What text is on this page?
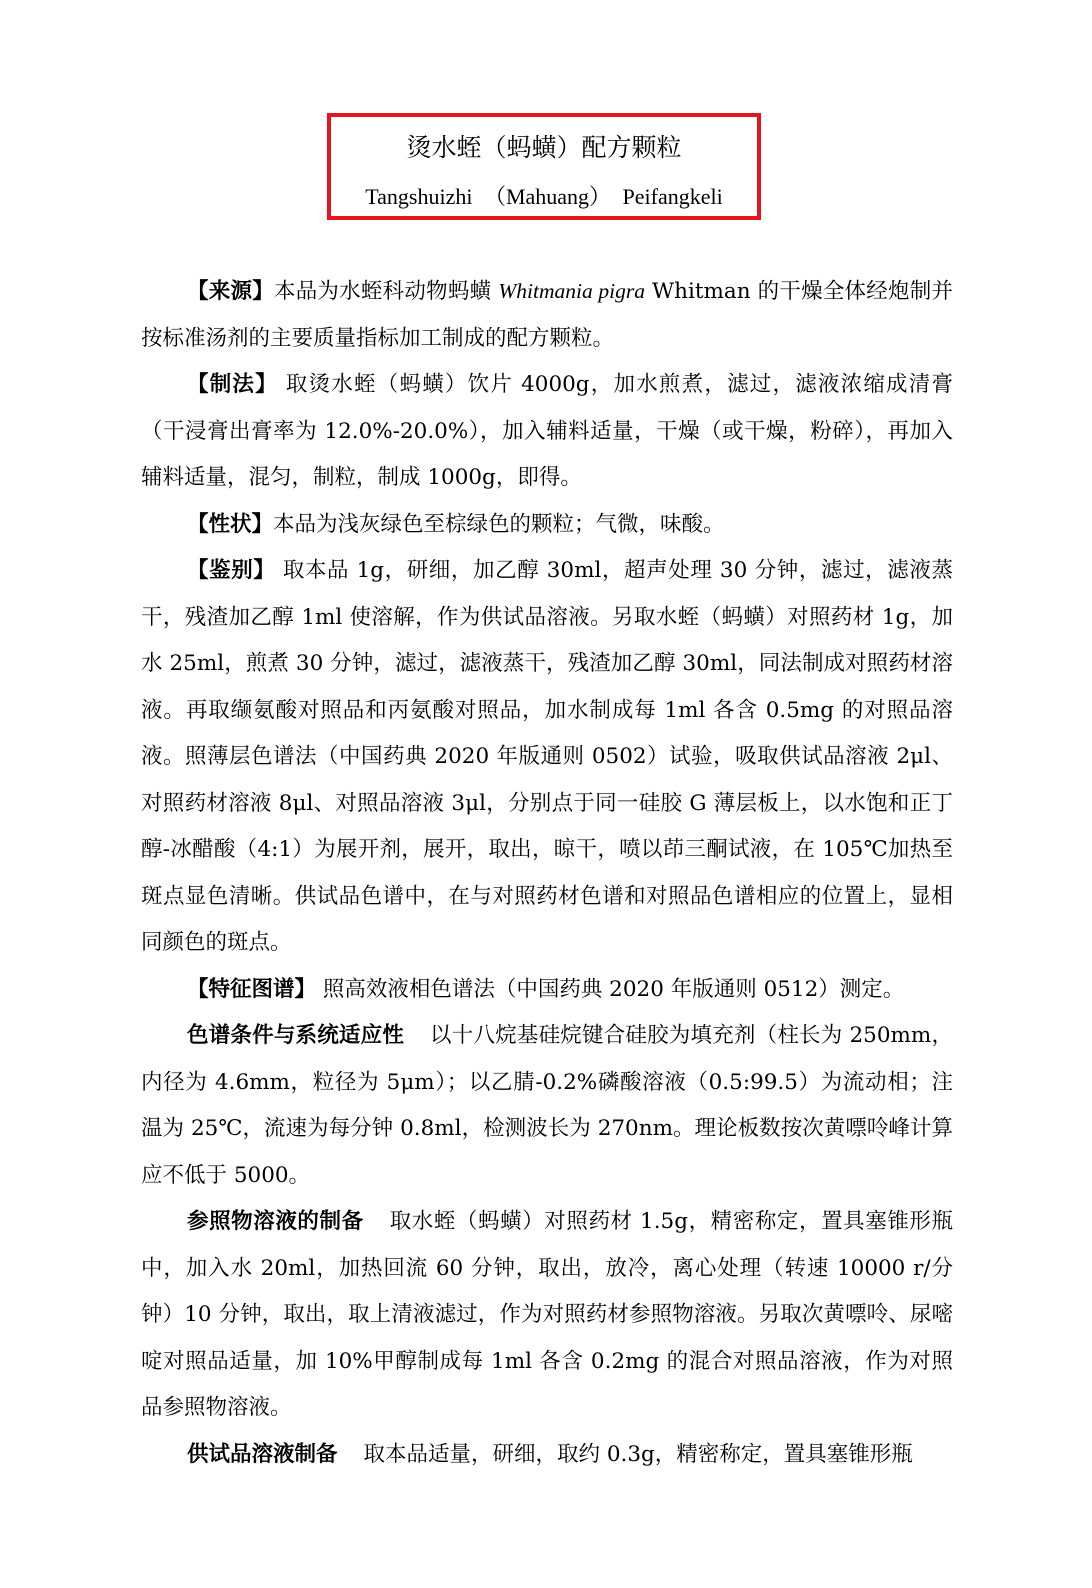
烫水蛭（蚂蟥）配方颗粒
Tangshuizhi （Mahuang） Peifangkeli

【来源】本品为水蛭科动物蚂蟥 Whitmania pigra Whitman 的干燥全体经炮制并按标准汤剂的主要质量指标加工制成的配方颗粒。

【制法】 取烫水蛭（蚂蟥）饮片 4000g，加水煎煮，滤过，滤液浓缩成清膏（干浸膏出膏率为 12.0%-20.0%），加入辅料适量，干燥（或干燥，粉碎），再加入辅料适量，混匀，制粒，制成 1000g，即得。

【性状】本品为浅灰绿色至棕绿色的颗粒；气微，味酸。

【鉴别】 取本品 1g，研细，加乙醇 30ml，超声处理 30 分钟，滤过，滤液蒸干，残渣加乙醇 1ml 使溶解，作为供试品溶液。另取水蛭（蚂蟥）对照药材 1g，加水 25ml，煎煮 30 分钟，滤过，滤液蒸干，残渣加乙醇 30ml，同法制成对照药材溶液。再取缬氨酸对照品和丙氨酸对照品，加水制成每 1ml 各含 0.5mg 的对照品溶液。照薄层色谱法（中国药典 2020 年版通则 0502）试验，吸取供试品溶液 2μl、对照药材溶液 8μl、对照品溶液 3μl，分别点于同一硅胶 G 薄层板上，以水饱和正丁醇-冰醋酸（4:1）为展开剂，展开，取出，晾干，喷以茚三酮试液，在 105℃加热至斑点显色清晰。供试品色谱中，在与对照药材色谱和对照品色谱相应的位置上，显相同颜色的斑点。

【特征图谱】 照高效液相色谱法（中国药典 2020 年版通则 0512）测定。

色谱条件与系统适应性 以十八烷基硅烷键合硅胶为填充剂（柱长为 250mm，内径为 4.6mm，粒径为 5μm）；以乙腈-0.2%磷酸溶液（0.5:99.5）为流动相；注温为 25℃，流速为每分钟 0.8ml，检测波长为 270nm。理论板数按次黄嘌呤峰计算应不低于 5000。

参照物溶液的制备 取水蛭（蚂蟥）对照药材 1.5g，精密称定，置具塞锥形瓶中，加入水 20ml，加热回流 60 分钟，取出，放冷，离心处理（转速 10000 r/分钟）10 分钟，取出，取上清液滤过，作为对照药材参照物溶液。另取次黄嘌呤、尿嘧啶对照品适量，加 10%甲醇制成每 1ml 各含 0.2mg 的混合对照品溶液，作为对照品参照物溶液。

供试品溶液制备 取本品适量，研细，取约 0.3g，精密称定，置具塞锥形瓶
